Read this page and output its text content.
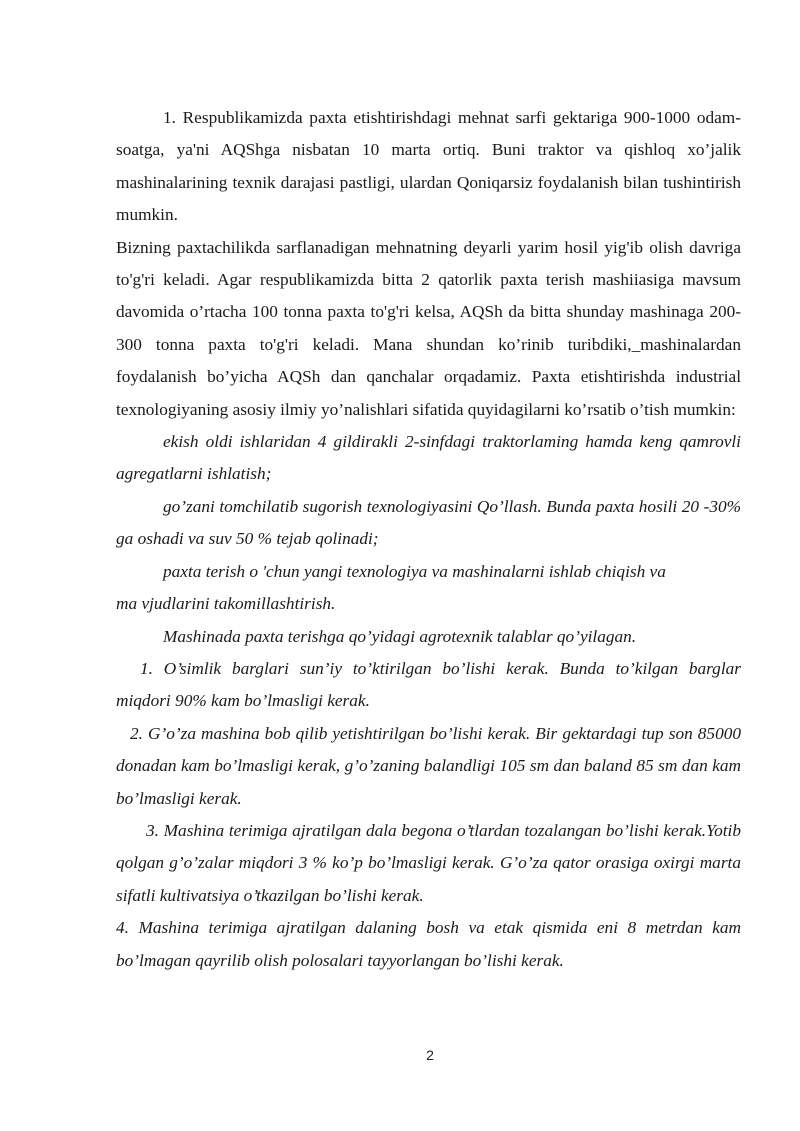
1. Respublikamizda paxta etishtirishdagi mehnat sarfi gektariga 900-1000 odam-soatga, ya'ni AQShga nisbatan 10 marta ortiq. Buni traktor va qishloq xo’jalik mashinalarining texnik darajasi pastligi, ulardan Qoniqarsiz foydalanish bilan tushintirish mumkin.

Bizning paxtachilikda sarflanadigan mehnatning deyarli yarim hosil yig'ib olish davriga to'g'ri keladi. Agar respublikamizda bitta 2 qatorlik paxta terish mashiiasiga mavsum davomida o’rtacha 100 tonna paxta to'g'ri kelsa, AQSh da bitta shunday mashinaga 200-300 tonna paxta to'g'ri keladi. Mana shundan ko’rinib turibdiki,_mashinalardan foydalanish bo’yicha AQSh dan qanchalar orqadamiz. Paxta etishtirishda industrial texnologiyaning asosiy ilmiy yo’nalishlari sifatida quyidagilarni ko’rsatib o’tish mumkin:

ekish oldi ishlaridan 4 gildirakli 2-sinfdagi traktorlaming hamda keng qamrovli agregatlarni ishlatish;

go’zani tomchilatib sugorish texnologiyasini Qo’llash. Bunda paxta hosili 20 -30% ga oshadi va suv 50 % tejab qolinadi;

paxta terish o 'chun yangi texnologiya va mashinalarni ishlab chiqish va

ma vjudlarini takomillashtirish.

Mashinada paxta terishga qo’yidagi agrotexnik talablar qo’yilagan.

1. O’simlik barglari sun’iy to’ktirilgan bo’lishi kerak. Bunda to’kilgan barglar miqdori 90% kam bo’lmasligi kerak.

2. G’o’za mashina bob qilib yetishtirilgan bo’lishi kerak. Bir gektardagi tup son 85000 donadan kam bo’lmasligi kerak, g’o’zaning balandligi 105 sm dan baland 85 sm dan kam bo’lmasligi kerak.

3. Mashina terimiga ajratilgan dala begona o’tlardan tozalangan bo’lishi kerak.Yotib qolgan g’o’zalar miqdori 3 % ko’p bo’lmasligi kerak. G’o’za qator orasiga oxirgi marta sifatli kultivatsiya o’tkazilgan bo’lishi kerak.

4. Mashina terimiga ajratilgan dalaning bosh va etak qismida eni 8 metrdan kam bo’lmagan qayrilib olish polosalari tayyorlangan bo’lishi kerak.

2
